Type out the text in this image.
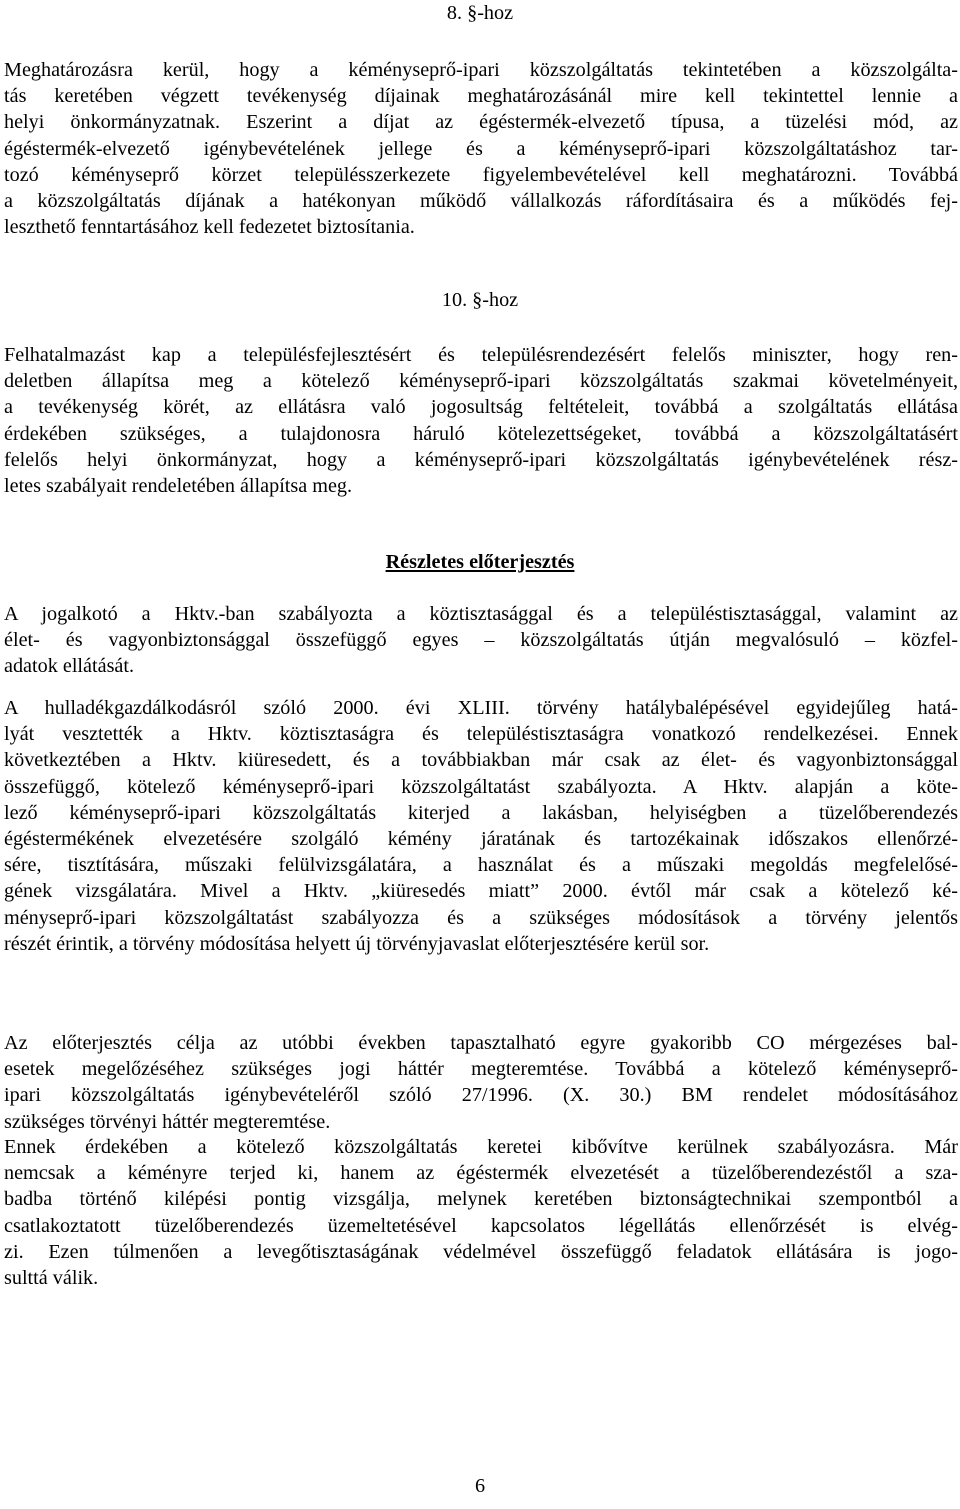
8. §-hoz

Meghatározásra kerül, hogy a kéményseprő-ipari közszolgáltatás tekintetében a közszolgálta-
tás keretében végzett tevékenység díjainak meghatározásánál mire kell tekintettel lennie a
helyi önkormányzatnak. Eszerint a díjat az égéstermék-elvezető típusa, a tüzelési mód, az
égéstermék-elvezető igénybevételének jellege és a kéményseprő-ipari közszolgáltatáshoz tar-
tozó kéményseprő körzet településszerkezete figyelembevételével kell meghatározni. Továbbá
a közszolgáltatás díjának a hatékonyan működő vállalkozás ráfordításaira és a működés fej-
leszthető fenntartásához kell fedezetet biztosítania.

10. §-hoz

Felhatalmazást kap a településfejlesztésért és településrendezésért felelős miniszter, hogy ren-
deletben állapítsa meg a kötelező kéményseprő-ipari közszolgáltatás szakmai követelményeit,
a tevékenység körét, az ellátásra való jogosultság feltételeit, továbbá a szolgáltatás ellátása
érdekében szükséges, a tulajdonosra háruló kötelezettségeket, továbbá a közszolgáltatásért
felelős helyi önkormányzat, hogy a kéményseprő-ipari közszolgáltatás igénybevételének rész-
letes szabályait rendeletében állapítsa meg.

Részletes előterjesztés

A jogalkotó a Hktv.-ban szabályozta a köztisztasággal és a településtisztasággal, valamint az
élet- és vagyonbiztonsággal összefüggő egyes – közszolgáltatás útján megvalósuló – közfel-
adatok ellátását.
A hulladékgazdálkodásról szóló 2000. évi XLIII. törvény hatálybalépésével egyidejűleg hatá-
lyát vesztették a Hktv. köztisztaságra és településtisztaságra vonatkozó rendelkezései. Ennek
következtében a Hktv. kiüresedett, és a továbbiakban már csak az élet- és vagyonbiztonsággal
összefüggő, kötelező kéményseprő-ipari közszolgáltatást szabályozta. A Hktv. alapján a köte-
lező kéményseprő-ipari közszolgáltatás kiterjed a lakásban, helyiségben a tüzelőberendezés
égéstermékének elvezetésére szolgáló kémény járatának és tartozékainak időszakos ellenőrzé-
sére, tisztítására, műszaki felülvizsgálatára, a használat és a műszaki megoldás megfelelősé-
gének vizsgálatára. Mivel a Hktv. „kiüresedés miatt” 2000. évtől már csak a kötelező ké-
ményseprő-ipari közszolgáltatást szabályozza és a szükséges módosítások a törvény jelentős
részét érintik, a törvény módosítása helyett új törvényjavaslat előterjesztésére kerül sor.
Az előterjesztés célja az utóbbi években tapasztalható egyre gyakoribb CO mérgezéses bal-
esetek megelőzéséhez szükséges jogi háttér megteremtése. Továbbá a kötelező kéményseprő-
ipari közszolgáltatás igénybevételéről szóló 27/1996. (X. 30.) BM rendelet módosításához
szükséges törvényi háttér megteremtése.
Ennek érdekében a kötelező közszolgáltatás keretei kibővítve kerülnek szabályozásra. Már
nemcsak a kéményre terjed ki, hanem az égéstermék elvezetését a tüzelőberendezéstől a sza-
badba történő kilépési pontig vizsgálja, melynek keretében biztonságtechnikai szempontból a
csatlakoztatott tüzelőberendezés üzemeltetésével kapcsolatos légellátás ellenőrzését is elvég-
zi. Ezen túlmenően a levegőtisztaságának védelmével összefüggő feladatok ellátására is jogo-
sulttá válik.
6
